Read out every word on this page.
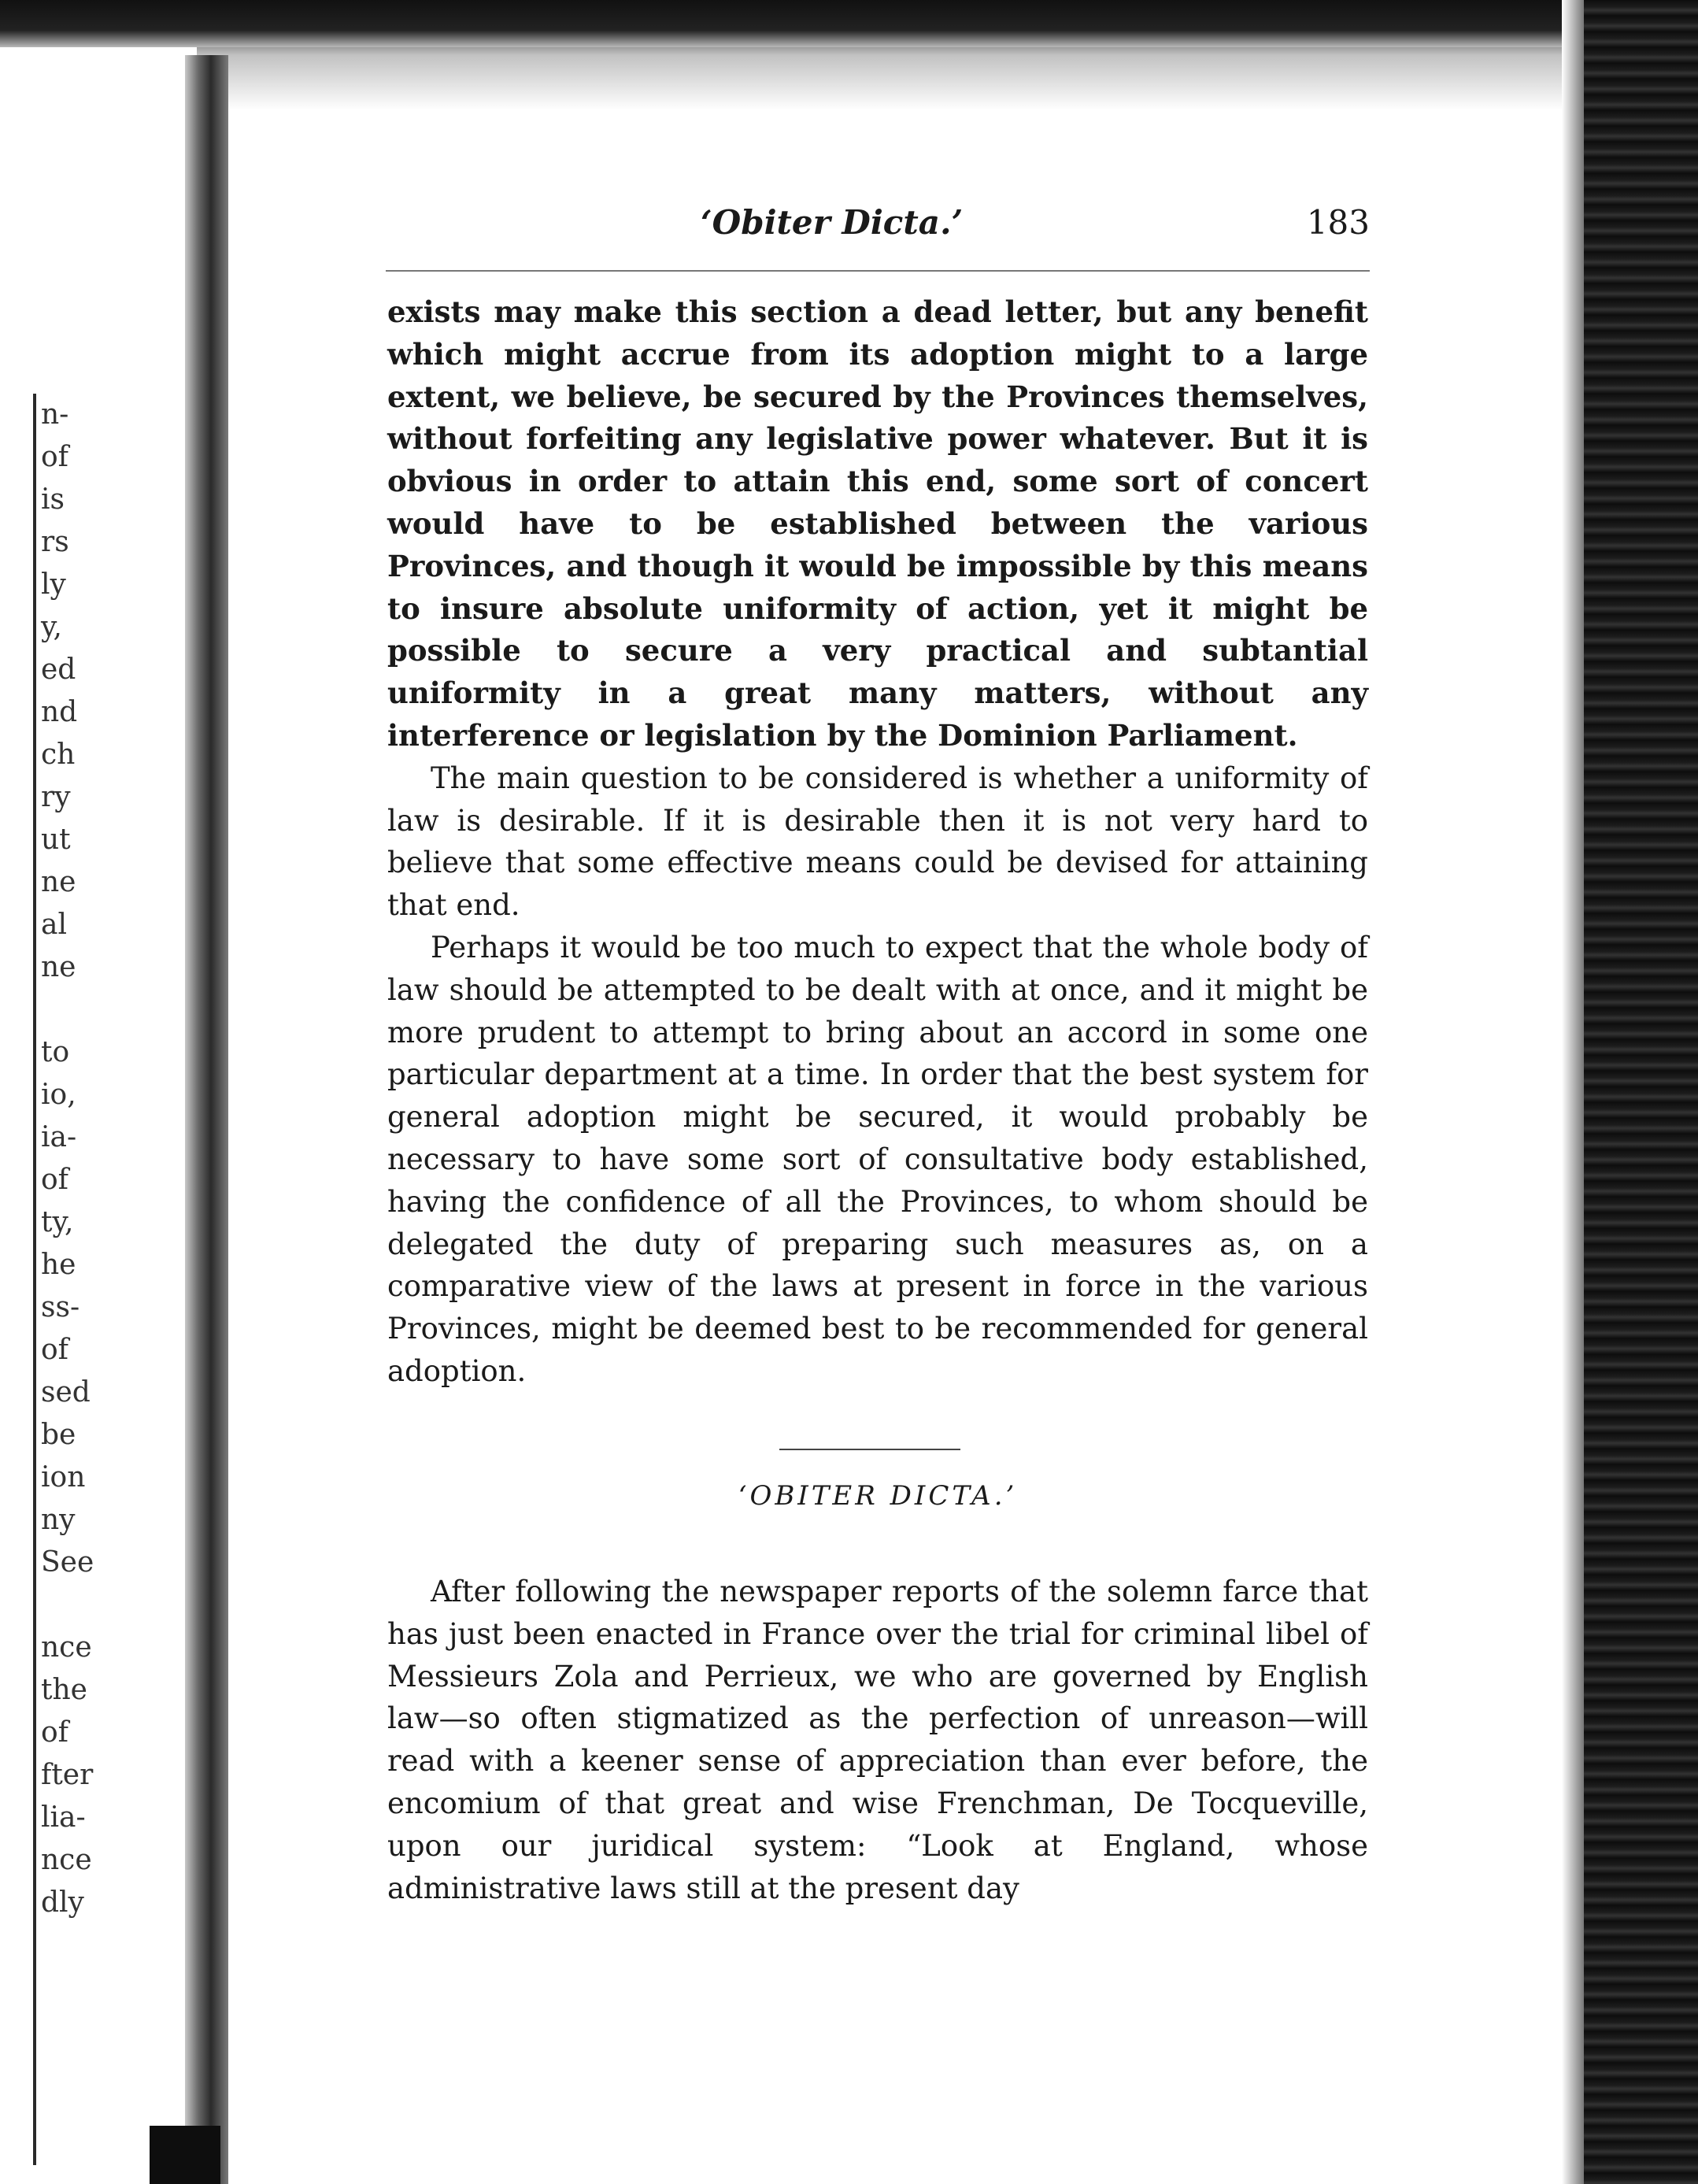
n-
of
is
rs
ly
y,
ed
nd
ch
ry
ut
ne
al
ne
to
io,
ia-
of
ty,
he
ss-
of
sed
be
ion
ny
See
nce
the
of
fter
lia-
nce
dly
‘Obiter Dicta.’	183

exists may make this section a dead letter, but any benefit which might accrue from its adoption might to a large extent, we believe, be secured by the Provinces themselves, without forfeiting any legislative power whatever. But it is obvious in order to attain this end, some sort of concert would have to be established between the various Provinces, and though it would be impossible by this means to insure absolute uniformity of action, yet it might be possible to secure a very practical and subtantial uniformity in a great many matters, without any interference or legislation by the Dominion Parliament.

The main question to be considered is whether a uniformity of law is desirable. If it is desirable then it is not very hard to believe that some effective means could be devised for attaining that end.

Perhaps it would be too much to expect that the whole body of law should be attempted to be dealt with at once, and it might be more prudent to attempt to bring about an accord in some one particular department at a time. In order that the best system for general adoption might be secured, it would probably be necessary to have some sort of consultative body established, having the confidence of all the Provinces, to whom should be delegated the duty of preparing such measures as, on a comparative view of the laws at present in force in the various Provinces, might be deemed best to be recommended for general adoption.

‘OBITER DICTA.’

After following the newspaper reports of the solemn farce that has just been enacted in France over the trial for criminal libel of Messieurs Zola and Perrieux, we who are governed by English law—so often stigmatized as the perfection of unreason—will read with a keener sense of appreciation than ever before, the encomium of that great and wise Frenchman, De Tocqueville, upon our juridical system: “Look at England, whose administrative laws still at the present day
